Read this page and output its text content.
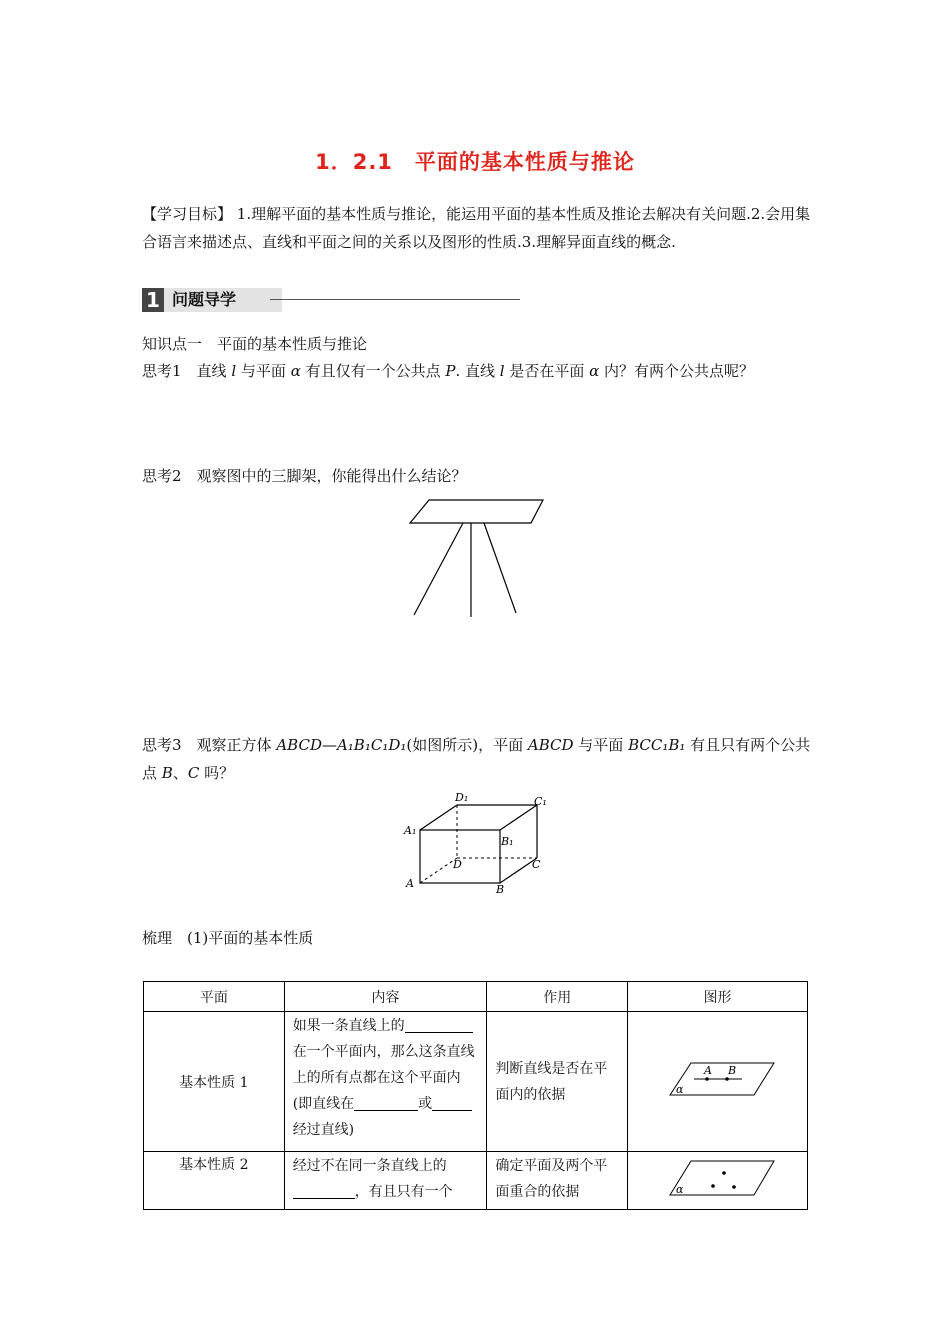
1．2.1　平面的基本性质与推论
【学习目标】 1.理解平面的基本性质与推论，能运用平面的基本性质及推论去解决有关问题.2.会用集合语言来描述点、直线和平面之间的关系以及图形的性质.3.理解异面直线的概念.
1 问题导学
知识点一　平面的基本性质与推论
思考1　直线 l 与平面 α 有且仅有一个公共点 P. 直线 l 是否在平面 α 内？有两个公共点呢？
思考2　观察图中的三脚架，你能得出什么结论？
思考3　观察正方体 ABCD—A₁B₁C₁D₁(如图所示)，平面 ABCD 与平面 BCC₁B₁ 有且只有两个公共
点 B、C 吗？
A	B
C
D
A₁
B₁
C₁
D₁
梳理　(1)平面的基本性质
平面	内容	作用	图形
基本性质 1	如果一条直线上的在一个平面内，那么这条直线上的所有点都在这个平面内(即直线在 或经过直线)	判断直线是否在平面内的依据	A B
α

基本性质 2	经过不在同一条直线上的，有且只有一个	确定平面及两个平面重合的依据	α
